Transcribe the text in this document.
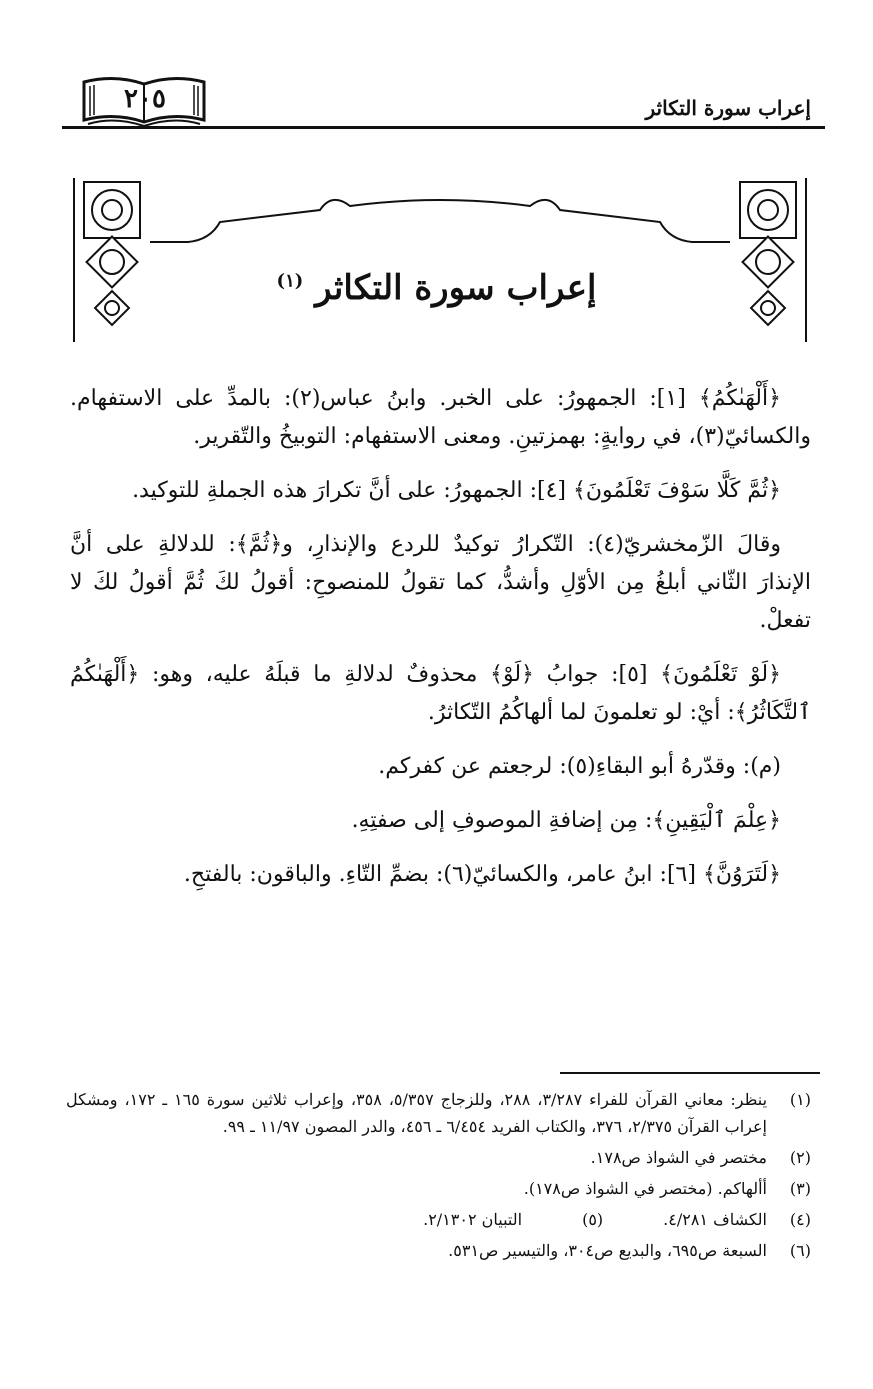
إعراب سورة التكاثر
٢٠٥
إعراب سورة التكاثر $^{(١)}$

﴿أَلْهَىٰكُمُ﴾ [١]: الجمهورُ: على الخبر. وابنُ عباس(٢): بالمدِّ على الاستفهام. والكسائيّ(٣)، في روايةٍ: بهمزتينِ. ومعنى الاستفهام: التوبيخُ والتّقرير.

﴿ثُمَّ كَلَّا سَوْفَ تَعْلَمُونَ﴾ [٤]: الجمهورُ: على أنَّ تكرارَ هذه الجملةِ للتوكيد.

وقالَ الزّمخشريّ(٤): التّكرارُ توكيدٌ للردع والإنذارِ، و﴿ثُمَّ﴾: للدلالةِ على أنَّ الإنذارَ الثّاني أبلغُ مِن الأوّلِ وأشدُّ، كما تقولُ للمنصوحِ: أقولُ لكَ ثُمَّ أقولُ لكَ لا تفعلْ.

﴿لَوْ تَعْلَمُونَ﴾ [٥]: جوابُ ﴿لَوْ﴾ محذوفٌ لدلالةِ ما قبلَهُ عليه، وهو: ﴿أَلْهَىٰكُمُ ٱلتَّكَاثُرُ﴾: أيْ: لو تعلمونَ لما ألهاكُمُ التّكاثرُ.

(م): وقدّرهُ أبو البقاءِ(٥): لرجعتم عن كفركم.

﴿عِلْمَ ٱلْيَقِينِ﴾: مِن إضافةِ الموصوفِ إلى صفتِهِ.

﴿لَتَرَوُنَّ﴾ [٦]: ابنُ عامر، والكسائيّ(٦): بضمِّ التّاءِ. والباقون: بالفتحِ.

(١)
ينظر: معاني القرآن للفراء ٣/٢٨٧، ٢٨٨، وللزجاج ٥/٣٥٧، ٣٥٨، وإعراب ثلاثين سورة ١٦٥ ـ ١٧٢، ومشكل إعراب القرآن ٢/٣٧٥، ٣٧٦، والكتاب الفريد ٦/٤٥٤ ـ ٤٥٦، والدر المصون ١١/٩٧ ـ ٩٩.
(٢)
مختصر في الشواذ ص١٧٨.
(٣)
أألهاكم. (مختصر في الشواذ ص١٧٨).
(٤)
الكشاف ٤/٢٨١.
(٥)
التبيان ٢/١٣٠٢.
(٦)
السبعة ص٦٩٥، والبديع ص٣٠٤، والتيسير ص٥٣١.
